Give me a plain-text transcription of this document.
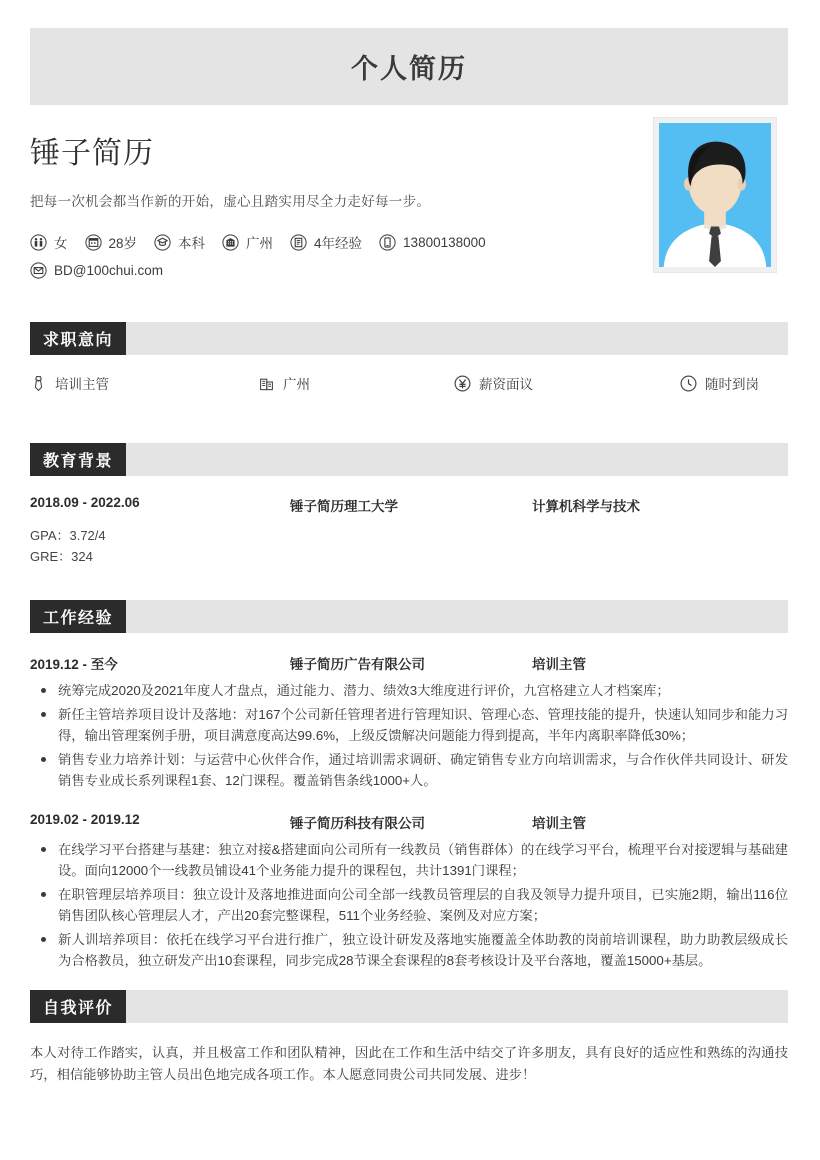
个人简历
锤子简历
把每一次机会都当作新的开始，虚心且踏实用尽全力走好每一步。
女	28岁	本科	广州	4年经验	13800138000
BD@100chui.com
求职意向
培训主管	广州	薪资面议	随时到岗
教育背景
2018.09 - 2022.06	锤子简历理工大学	计算机科学与技术
GPA：3.72/4
GRE：324
工作经验
2019.12 - 至今	锤子简历广告有限公司	培训主管
统筹完成2020及2021年度人才盘点，通过能力、潜力、绩效3大维度进行评价，九宫格建立人才档案库；
新任主管培养项目设计及落地：对167个公司新任管理者进行管理知识、管理心态、管理技能的提升，快速认知同步和能力习得，输出管理案例手册，项目满意度高达99.6%，上级反馈解决问题能力得到提高，半年内离职率降低30%；
销售专业力培养计划：与运营中心伙伴合作，通过培训需求调研、确定销售专业方向培训需求，与合作伙伴共同设计、研发销售专业成长系列课程1套、12门课程。覆盖销售条线1000+人。
2019.02 - 2019.12	锤子简历科技有限公司	培训主管
在线学习平台搭建与基建：独立对接&搭建面向公司所有一线教员（销售群体）的在线学习平台，梳理平台对接逻辑与基础建设。面向12000个一线教员铺设41个业务能力提升的课程包，共计1391门课程；
在职管理层培养项目：独立设计及落地推进面向公司全部一线教员管理层的自我及领导力提升项目，已实施2期，输出116位销售团队核心管理层人才，产出20套完整课程，511个业务经验、案例及对应方案；
新人训培养项目：依托在线学习平台进行推广，独立设计研发及落地实施覆盖全体助教的岗前培训课程，助力助教层级成长为合格教员，独立研发产出10套课程，同步完成28节课全套课程的8套考核设计及平台落地，覆盖15000+基层。
自我评价
本人对待工作踏实，认真，并且极富工作和团队精神，因此在工作和生活中结交了许多朋友，具有良好的适应性和熟练的沟通技巧，相信能够协助主管人员出色地完成各项工作。本人愿意同贵公司共同发展、进步！
